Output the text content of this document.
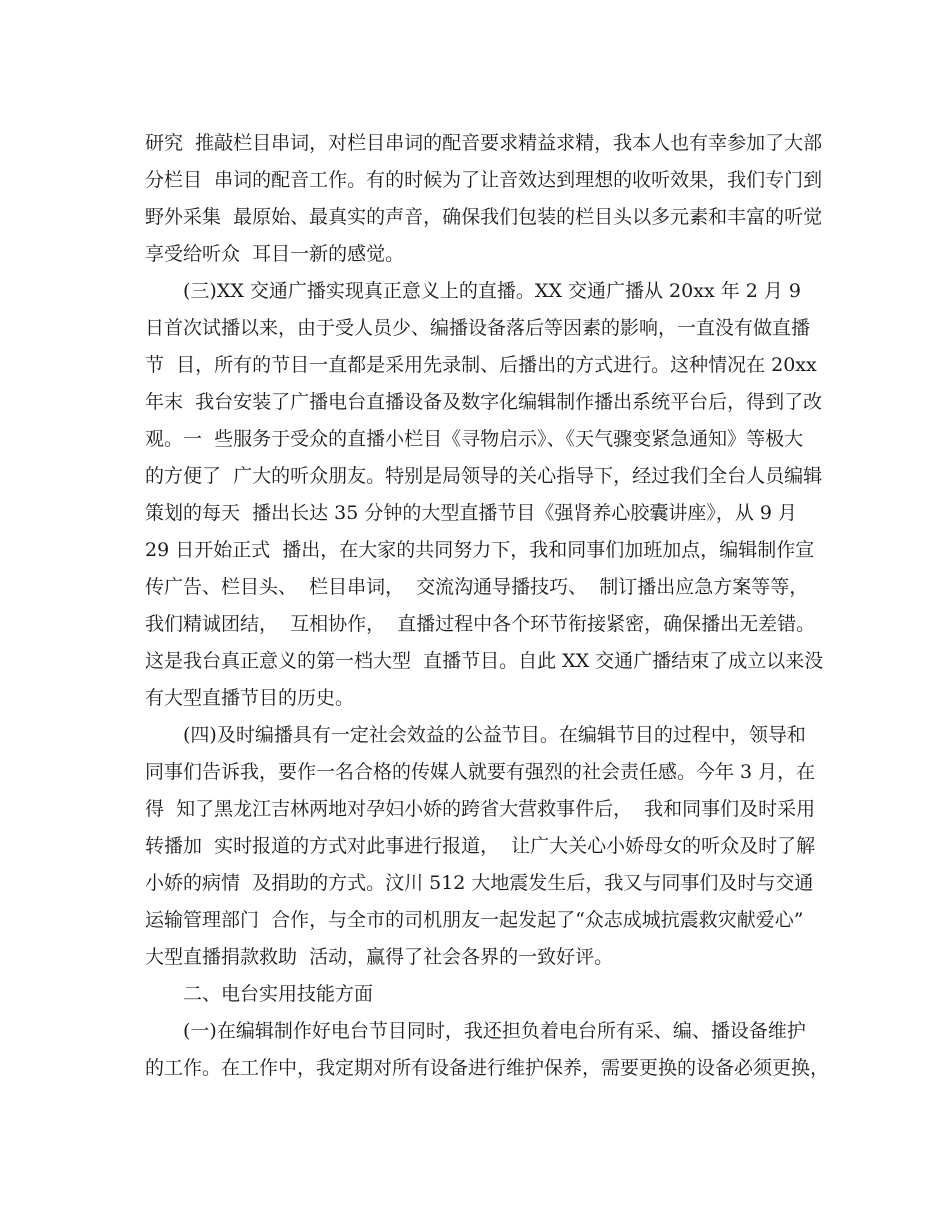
研究  推敲栏目串词，对栏目串词的配音要求精益求精，我本人也有幸参加了大部
分栏目  串词的配音工作。有的时候为了让音效达到理想的收听效果，我们专门到
野外采集  最原始、最真实的声音，确保我们包装的栏目头以多元素和丰富的听觉
享受给听众  耳目一新的感觉。
(三)XX 交通广播实现真正意义上的直播。XX 交通广播从 20xx 年 2 月 9
日首次试播以来，由于受人员少、编播设备落后等因素的影响，一直没有做直播
节  目，所有的节目一直都是采用先录制、后播出的方式进行。这种情况在 20xx
年末  我台安装了广播电台直播设备及数字化编辑制作播出系统平台后，得到了改
观。一  些服务于受众的直播小栏目《寻物启示》、《天气骤变紧急通知》等极大
的方便了  广大的听众朋友。特别是局领导的关心指导下，经过我们全台人员编辑
策划的每天  播出长达 35 分钟的大型直播节目《强肾养心胶囊讲座》，从 9 月
29 日开始正式  播出，在大家的共同努力下，我和同事们加班加点，编辑制作宣
传广告、栏目头、  栏目串词，  交流沟通导播技巧、  制订播出应急方案等等，
我们精诚团结，  互相协作，  直播过程中各个环节衔接紧密，确保播出无差错。
这是我台真正意义的第一档大型  直播节目。自此 XX 交通广播结束了成立以来没
有大型直播节目的历史。
(四)及时编播具有一定社会效益的公益节目。在编辑节目的过程中，领导和
同事们告诉我，要作一名合格的传媒人就要有强烈的社会责任感。今年 3 月，在
得  知了黑龙江吉林两地对孕妇小娇的跨省大营救事件后，  我和同事们及时采用
转播加  实时报道的方式对此事进行报道，  让广大关心小娇母女的听众及时了解
小娇的病情  及捐助的方式。汶川 512 大地震发生后，我又与同事们及时与交通
运输管理部门  合作，与全市的司机朋友一起发起了“众志成城抗震救灾献爱心”
大型直播捐款救助  活动，赢得了社会各界的一致好评。
二、电台实用技能方面
(一)在编辑制作好电台节目同时，我还担负着电台所有采、编、播设备维护
的工作。在工作中，我定期对所有设备进行维护保养，需要更换的设备必须更换，
